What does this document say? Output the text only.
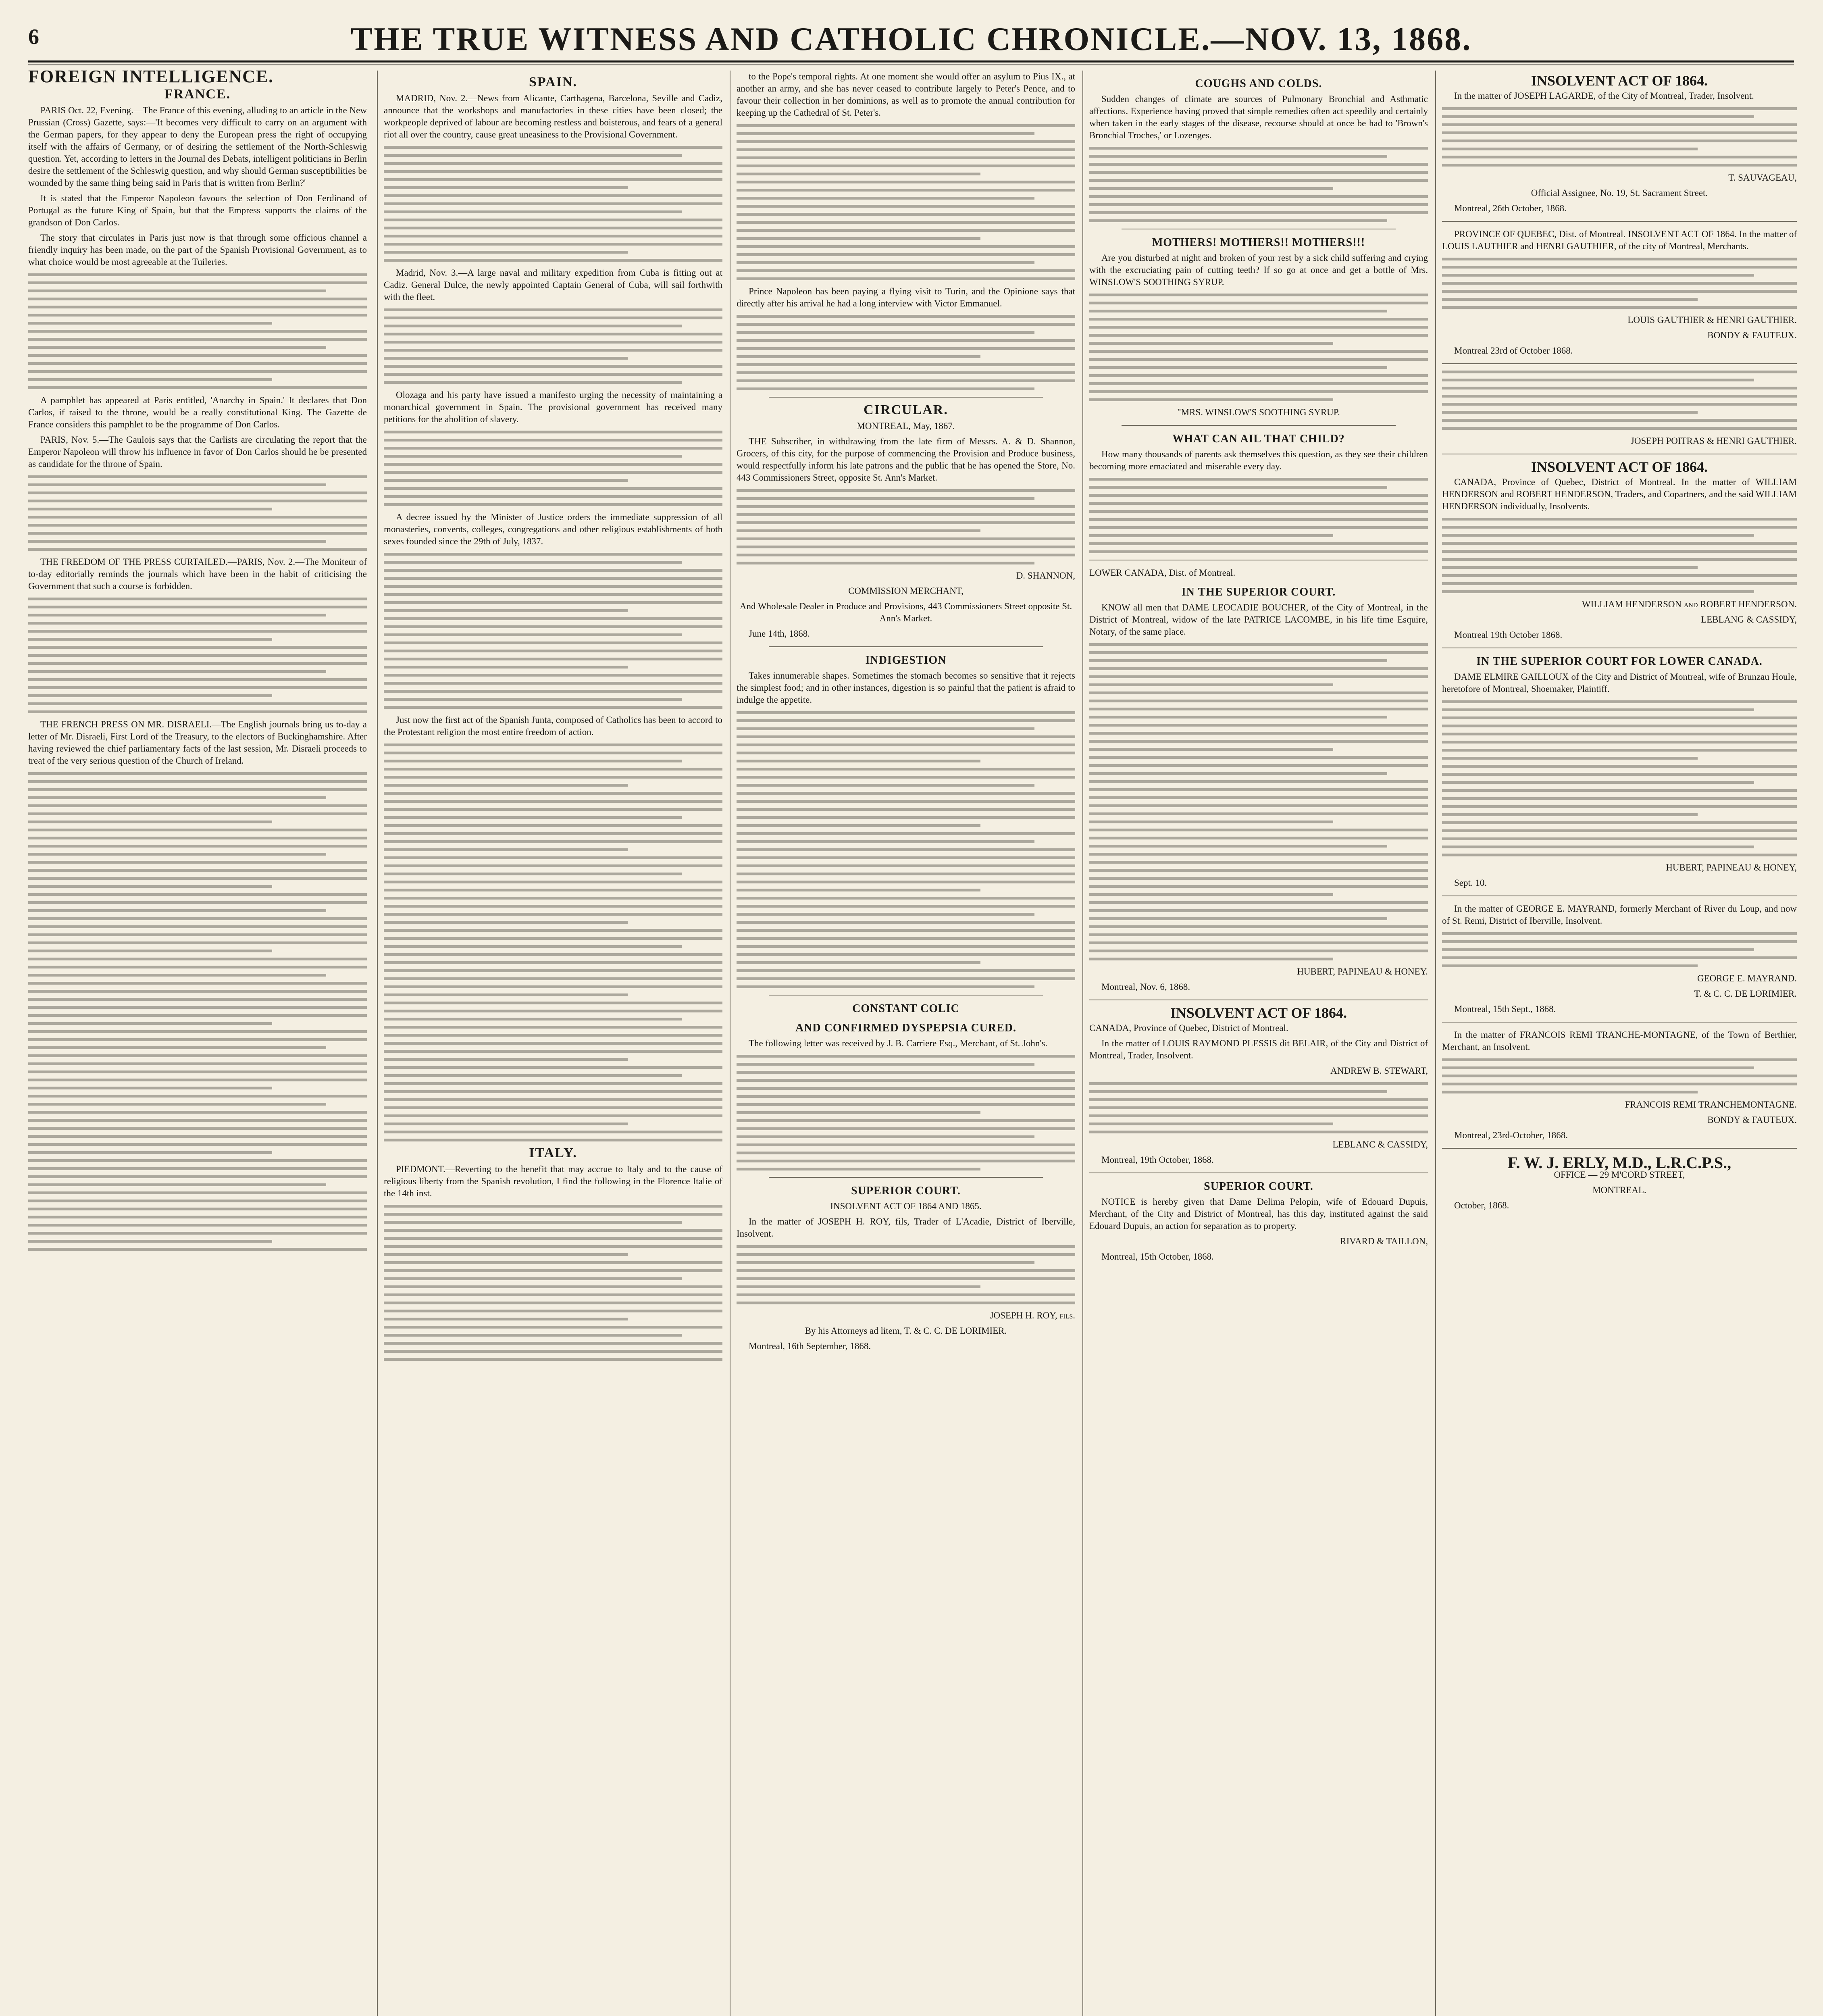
6	THE TRUE WITNESS AND CATHOLIC CHRONICLE.—NOV. 13, 1868.
FOREIGN INTELLIGENCE.
FRANCE.

PARIS Oct. 22, Evening.—The France of this evening, alluding to an article in the New Prussian (Cross) Gazette, says:—'It becomes very difficult to carry on an argument with the German papers, for they appear to deny the European press the right of occupying itself with the affairs of Germany, or of desiring the settlement of the North-Schleswig question. Yet, according to letters in the Journal des Debats, intelligent politicians in Berlin desire the settlement of the Schleswig question, and why should German susceptibilities be wounded by the same thing being said in Paris that is written from Berlin?'

It is stated that the Emperor Napoleon favours the selection of Don Ferdinand of Portugal as the future King of Spain, but that the Empress supports the claims of the grandson of Don Carlos.

The story that circulates in Paris just now is that through some officious channel a friendly inquiry has been made, on the part of the Spanish Provisional Government, as to what choice would be most agreeable at the Tuileries.

A pamphlet has appeared at Paris entitled, 'Anarchy in Spain.' It declares that Don Carlos, if raised to the throne, would be a really constitutional King. The Gazette de France considers this pamphlet to be the programme of Don Carlos.

PARIS, Nov. 5.—The Gaulois says that the Carlists are circulating the report that the Emperor Napoleon will throw his influence in favor of Don Carlos should he be presented as candidate for the throne of Spain.

THE FREEDOM OF THE PRESS CURTAILED.—PARIS, Nov. 2.—The Moniteur of to-day editorially reminds the journals which have been in the habit of criticising the Government that such a course is forbidden.

THE FRENCH PRESS ON MR. DISRAELI.—The English journals bring us to-day a letter of Mr. Disraeli, First Lord of the Treasury, to the electors of Buckinghamshire. After having reviewed the chief parliamentary facts of the last session, Mr. Disraeli proceeds to treat of the very serious question of the Church of Ireland.

SPAIN.

MADRID, Nov. 2.—News from Alicante, Carthagena, Barcelona, Seville and Cadiz, announce that the workshops and manufactories in these cities have been closed; the workpeople deprived of labour are becoming restless and boisterous, and fears of a general riot all over the country, cause great uneasiness to the Provisional Government.

Madrid, Nov. 3.—A large naval and military expedition from Cuba is fitting out at Cadiz. General Dulce, the newly appointed Captain General of Cuba, will sail forthwith with the fleet.

Olozaga and his party have issued a manifesto urging the necessity of maintaining a monarchical government in Spain. The provisional government has received many petitions for the abolition of slavery.

A decree issued by the Minister of Justice orders the immediate suppression of all monasteries, convents, colleges, congregations and other religious establishments of both sexes founded since the 29th of July, 1837.

Just now the first act of the Spanish Junta, composed of Catholics has been to accord to the Protestant religion the most entire freedom of action.

ITALY.

PIEDMONT.—Reverting to the benefit that may accrue to Italy and to the cause of religious liberty from the Spanish revolution, I find the following in the Florence Italie of the 14th inst.

to the Pope's temporal rights. At one moment she would offer an asylum to Pius IX., at another an army, and she has never ceased to contribute largely to Peter's Pence, and to favour their collection in her dominions, as well as to promote the annual contribution for keeping up the Cathedral of St. Peter's.

Prince Napoleon has been paying a flying visit to Turin, and the Opinione says that directly after his arrival he had a long interview with Victor Emmanuel.

CIRCULAR.

MONTREAL, May, 1867.

THE Subscriber, in withdrawing from the late firm of Messrs. A. & D. Shannon, Grocers, of this city, for the purpose of commencing the Provision and Produce business, would respectfully inform his late patrons and the public that he has opened the Store, No. 443 Commissioners Street, opposite St. Ann's Market.

D. SHANNON,

COMMISSION MERCHANT,

And Wholesale Dealer in Produce and Provisions, 443 Commissioners Street opposite St. Ann's Market.

June 14th, 1868.

INDIGESTION

Takes innumerable shapes. Sometimes the stomach becomes so sensitive that it rejects the simplest food; and in other instances, digestion is so painful that the patient is afraid to indulge the appetite.

CONSTANT COLIC
AND CONFIRMED DYSPEPSIA CURED.

The following letter was received by J. B. Carriere Esq., Merchant, of St. John's.

SUPERIOR COURT.

INSOLVENT ACT OF 1864 AND 1865.

In the matter of JOSEPH H. ROY, fils, Trader of L'Acadie, District of Iberville, Insolvent.

JOSEPH H. ROY, fils.

By his Attorneys ad litem, T. & C. C. DE LORIMIER.

Montreal, 16th September, 1868.

COUGHS AND COLDS.

Sudden changes of climate are sources of Pulmonary Bronchial and Asthmatic affections. Experience having proved that simple remedies often act speedily and certainly when taken in the early stages of the disease, recourse should at once be had to 'Brown's Bronchial Troches,' or Lozenges.

MOTHERS! MOTHERS!! MOTHERS!!!

Are you disturbed at night and broken of your rest by a sick child suffering and crying with the excruciating pain of cutting teeth? If so go at once and get a bottle of Mrs. WINSLOW'S SOOTHING SYRUP.

"MRS. WINSLOW'S SOOTHING SYRUP.

WHAT CAN AIL THAT CHILD?

How many thousands of parents ask themselves this question, as they see their children becoming more emaciated and miserable every day.

LOWER CANADA, Dist. of Montreal.

IN THE SUPERIOR COURT.

KNOW all men that DAME LEOCADIE BOUCHER, of the City of Montreal, in the District of Montreal, widow of the late PATRICE LACOMBE, in his life time Esquire, Notary, of the same place.

HUBERT, PAPINEAU & HONEY.

Montreal, Nov. 6, 1868.

INSOLVENT ACT OF 1864.

CANADA, Province of Quebec, District of Montreal.

In the matter of LOUIS RAYMOND PLESSIS dit BELAIR, of the City and District of Montreal, Trader, Insolvent.

ANDREW B. STEWART,

LEBLANC & CASSIDY,

Montreal, 19th October, 1868.

SUPERIOR COURT.

NOTICE is hereby given that Dame Delima Pelopin, wife of Edouard Dupuis, Merchant, of the City and District of Montreal, has this day, instituted against the said Edouard Dupuis, an action for separation as to property.

RIVARD & TAILLON,

Montreal, 15th October, 1868.

INSOLVENT ACT OF 1864.

In the matter of JOSEPH LAGARDE, of the City of Montreal, Trader, Insolvent.

T. SAUVAGEAU,

Official Assignee, No. 19, St. Sacrament Street.

Montreal, 26th October, 1868.

PROVINCE OF QUEBEC, Dist. of Montreal. INSOLVENT ACT OF 1864. In the matter of LOUIS LAUTHIER and HENRI GAUTHIER, of the city of Montreal, Merchants.

LOUIS GAUTHIER & HENRI GAUTHIER.

BONDY & FAUTEUX.

Montreal 23rd of October 1868.

JOSEPH POITRAS & HENRI GAUTHIER.

INSOLVENT ACT OF 1864.

CANADA, Province of Quebec, District of Montreal. In the matter of WILLIAM HENDERSON and ROBERT HENDERSON, Traders, and Copartners, and the said WILLIAM HENDERSON individually, Insolvents.

WILLIAM HENDERSON and ROBERT HENDERSON.

LEBLANG & CASSIDY,

Montreal 19th October 1868.

IN THE SUPERIOR COURT FOR LOWER CANADA.

DAME ELMIRE GAILLOUX of the City and District of Montreal, wife of Brunzau Houle, heretofore of Montreal, Shoemaker, Plaintiff.

HUBERT, PAPINEAU & HONEY,

Sept. 10.

In the matter of GEORGE E. MAYRAND, formerly Merchant of River du Loup, and now of St. Remi, District of Iberville, Insolvent.

GEORGE E. MAYRAND.

T. & C. C. DE LORIMIER.

Montreal, 15th Sept., 1868.

In the matter of FRANCOIS REMI TRANCHE-MONTAGNE, of the Town of Berthier, Merchant, an Insolvent.

FRANCOIS REMI TRANCHEMONTAGNE.

BONDY & FAUTEUX.

Montreal, 23rd-October, 1868.

F. W. J. ERLY, M.D., L.R.C.P.S.,

OFFICE — 29 M'CORD STREET,

MONTREAL.

October, 1868.
